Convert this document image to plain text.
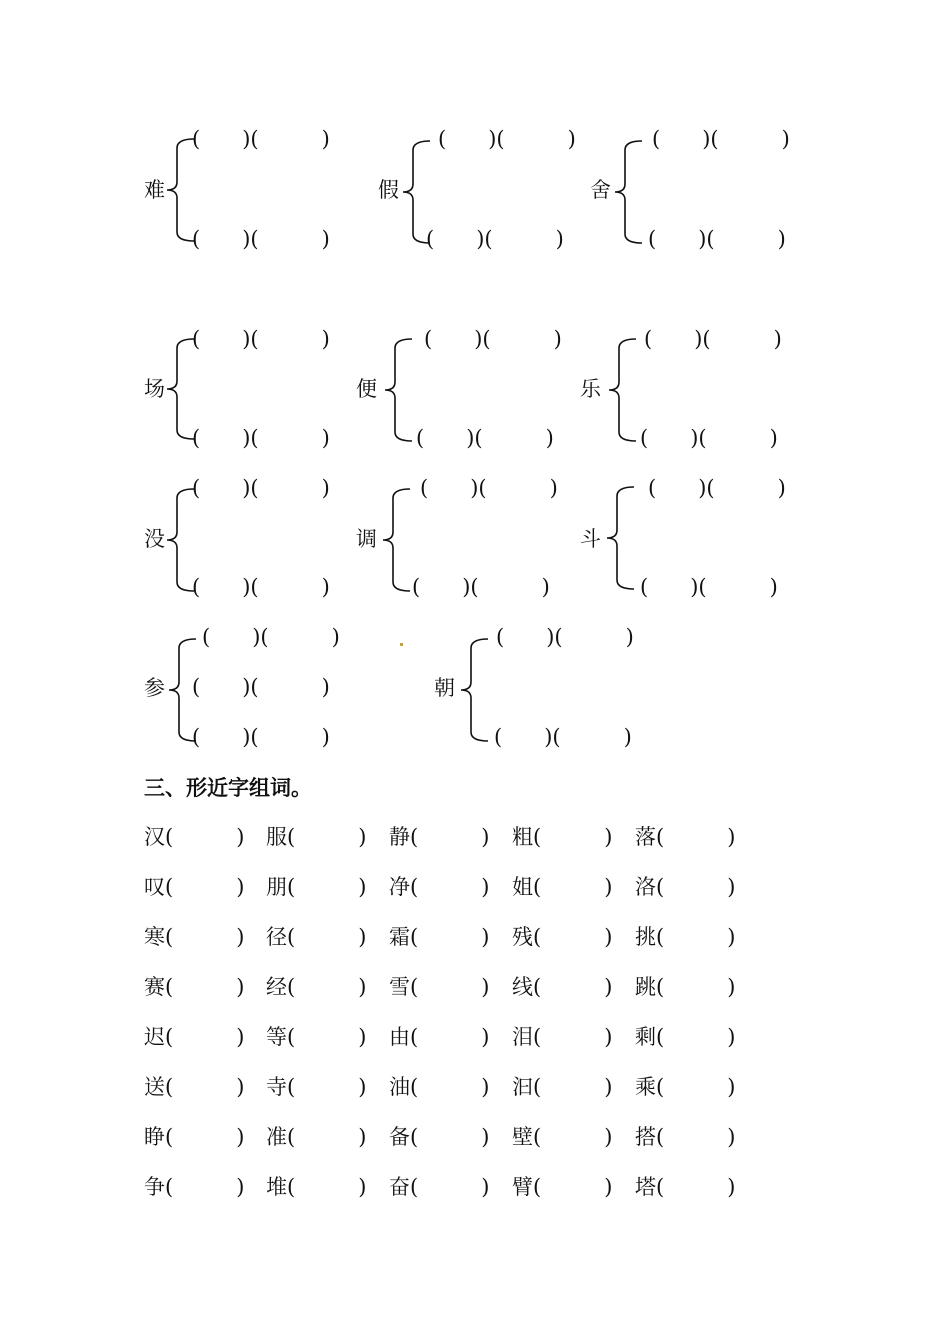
难
(　　)(　　　)
(　　)(　　　)
假
(　　)(　　　)
(　　)(　　　)
舍
(　　)(　　　)
(　　)(　　　)
场
(　　)(　　　)
(　　)(　　　)
便
(　　)(　　　)
(　　)(　　　)
乐
(　　)(　　　)
(　　)(　　　)
没
(　　)(　　　)
(　　)(　　　)
调
(　　)(　　　)
(　　)(　　　)
斗
(　　)(　　　)
(　　)(　　　)
参
(　　)(　　　)
(　　)(　　　)
(　　)(　　　)
朝
(　　)(　　　)
(　　)(　　　)
三、形近字组词。
汉(　　　) 服(　　　) 静(　　　) 粗(　　　) 落(　　　)
叹(　　　) 朋(　　　) 净(　　　) 姐(　　　) 洛(　　　)
寒(　　　) 径(　　　) 霜(　　　) 残(　　　) 挑(　　　)
赛(　　　) 经(　　　) 雪(　　　) 线(　　　) 跳(　　　)
迟(　　　) 等(　　　) 由(　　　) 泪(　　　) 剩(　　　)
送(　　　) 寺(　　　) 油(　　　) 汩(　　　) 乘(　　　)
睁(　　　) 准(　　　) 备(　　　) 壁(　　　) 搭(　　　)
争(　　　) 堆(　　　) 奋(　　　) 臂(　　　) 塔(　　　)
